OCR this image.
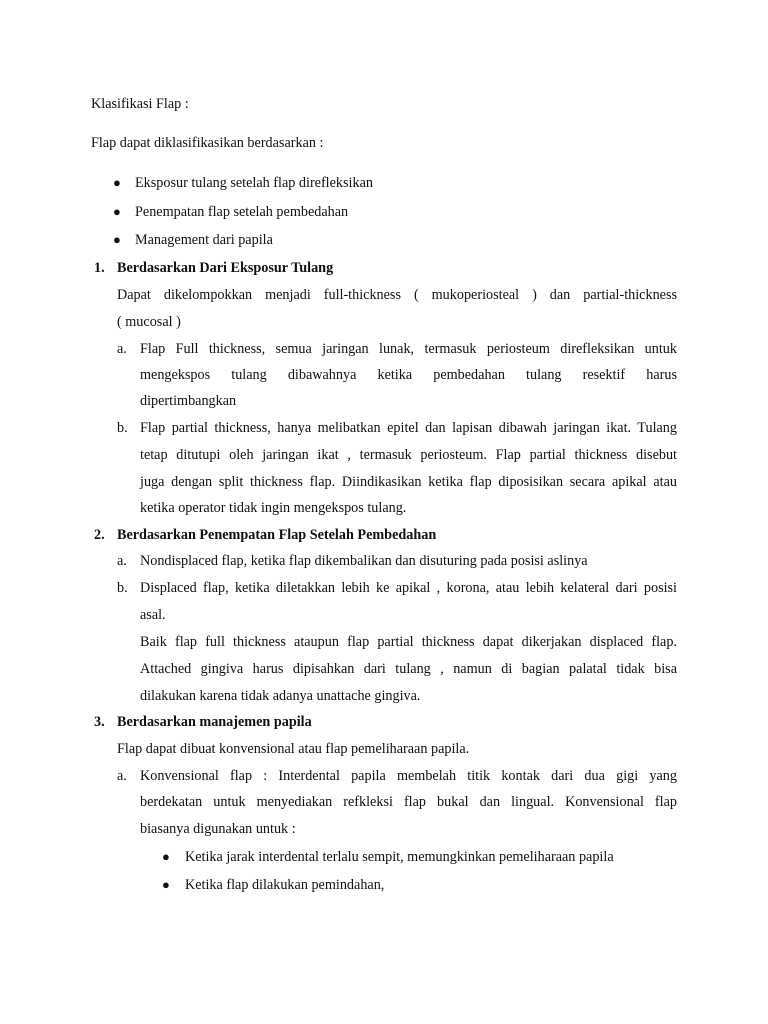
Klasifikasi Flap :
Flap dapat diklasifikasikan berdasarkan :
● Eksposur tulang setelah flap direfleksikan
● Penempatan flap setelah pembedahan
● Management dari papila
1. Berdasarkan Dari Eksposur Tulang
Dapat dikelompokkan menjadi full-thickness ( mukoperiosteal ) dan partial-thickness
( mucosal )
a. Flap Full thickness, semua jaringan lunak, termasuk periosteum direfleksikan untuk
mengekspos tulang dibawahnya ketika pembedahan tulang resektif harus
dipertimbangkan
b. Flap partial thickness, hanya melibatkan epitel dan lapisan dibawah jaringan ikat. Tulang
tetap ditutupi oleh jaringan ikat , termasuk periosteum. Flap partial thickness disebut
juga dengan split thickness flap. Diindikasikan ketika flap diposisikan secara apikal atau
ketika operator tidak ingin mengekspos tulang.
2. Berdasarkan Penempatan Flap Setelah Pembedahan
a. Nondisplaced flap, ketika flap dikembalikan dan disuturing pada posisi aslinya
b. Displaced flap, ketika diletakkan lebih ke apikal , korona, atau lebih kelateral dari posisi
asal.
Baik flap full thickness ataupun flap partial thickness dapat dikerjakan displaced flap.
Attached gingiva harus dipisahkan dari tulang , namun di bagian palatal tidak bisa
dilakukan karena tidak adanya unattache gingiva.
3. Berdasarkan manajemen papila
Flap dapat dibuat konvensional atau flap pemeliharaan papila.
a. Konvensional flap : Interdental papila membelah titik kontak dari dua gigi yang
berdekatan untuk menyediakan refkleksi flap bukal dan lingual. Konvensional flap
biasanya digunakan untuk :
● Ketika jarak interdental terlalu sempit, memungkinkan pemeliharaan papila
● Ketika flap dilakukan pemindahan,
